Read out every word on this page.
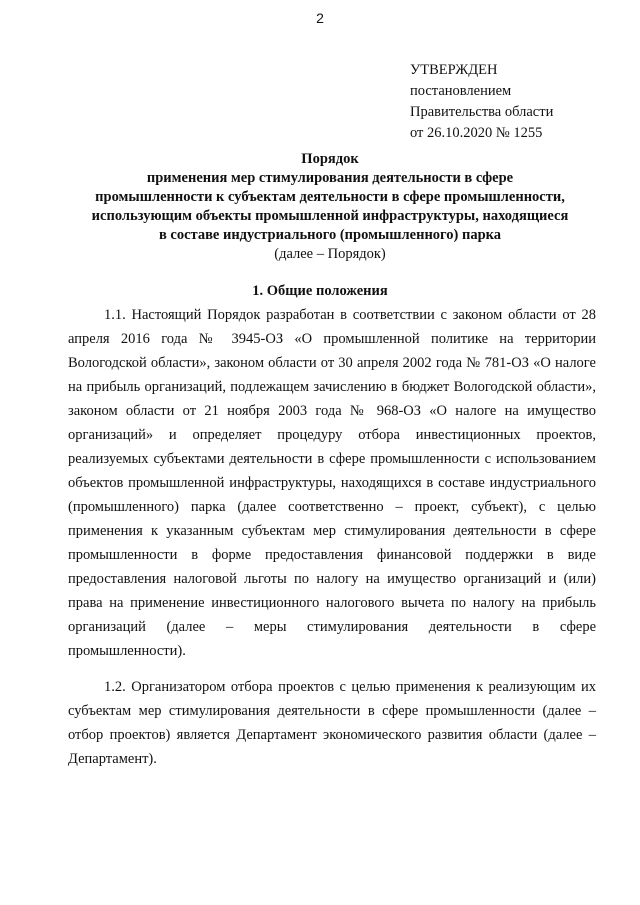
2
УТВЕРЖДЕН
постановлением
Правительства области
от 26.10.2020 № 1255
Порядок
применения мер стимулирования деятельности в сфере
промышленности к субъектам деятельности в сфере промышленности,
использующим объекты промышленной инфраструктуры, находящиеся
в составе индустриального (промышленного) парка
(далее – Порядок)
1. Общие положения

1.1. Настоящий Порядок разработан в соответствии с законом области от 28 апреля 2016 года № 3945-ОЗ «О промышленной политике на территории Вологодской области», законом области от 30 апреля 2002 года № 781-ОЗ «О налоге на прибыль организаций, подлежащем зачислению в бюджет Вологодской области», законом области от 21 ноября 2003 года № 968-ОЗ «О налоге на имущество организаций» и определяет процедуру отбора инвестиционных проектов, реализуемых субъектами деятельности в сфере промышленности с использованием объектов промышленной инфраструктуры, находящихся в составе индустриального (промышленного) парка (далее соответственно – проект, субъект), с целью применения к указанным субъектам мер стимулирования деятельности в сфере промышленности в форме предоставления финансовой поддержки в виде предоставления налоговой льготы по налогу на имущество организаций и (или) права на применение инвестиционного налогового вычета по налогу на прибыль организаций (далее – меры стимулирования деятельности в сфере промышленности).

1.2. Организатором отбора проектов с целью применения к реализующим их субъектам мер стимулирования деятельности в сфере промышленности (далее – отбор проектов) является Департамент экономического развития области (далее – Департамент).
